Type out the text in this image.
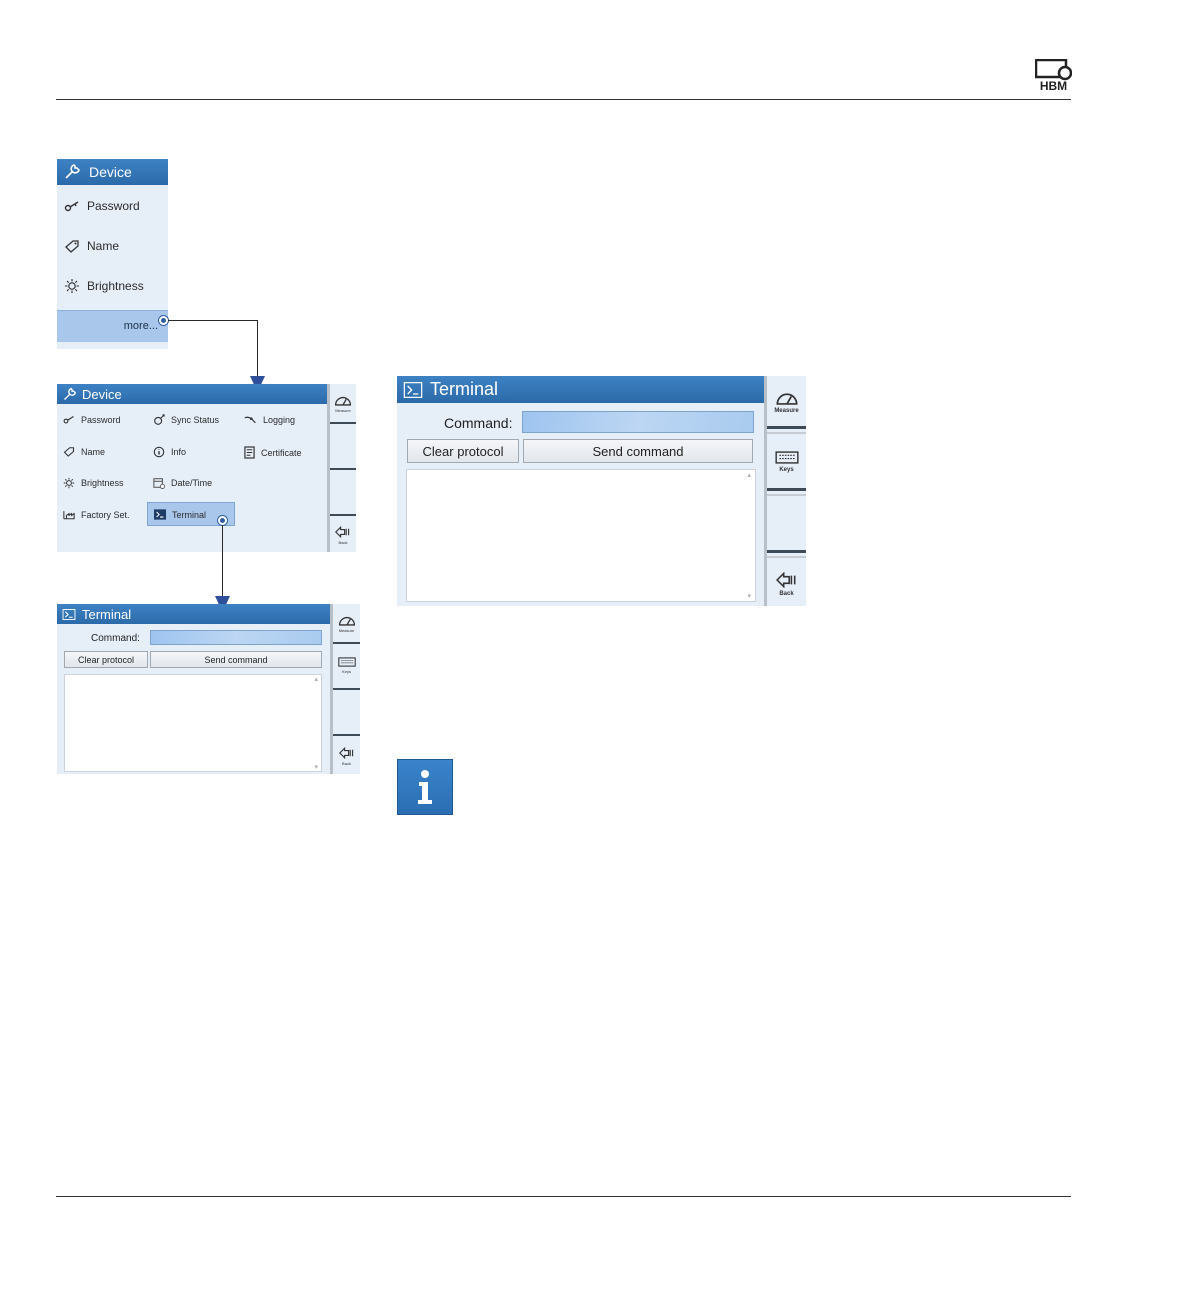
HBM
Device
Password
Name
Brightness
more...
Device
Password
Name
Brightness
Factory Set.
Sync Status
Info
Date/Time
Terminal
Logging
Certificate
Measure
Back
Terminal
Command:
Clear protocol	Send command
▴
▾
Measure
Keys
Back
Terminal
Command:
Clear protocol	Send command
▴
▾
Measure
Keys
Back
